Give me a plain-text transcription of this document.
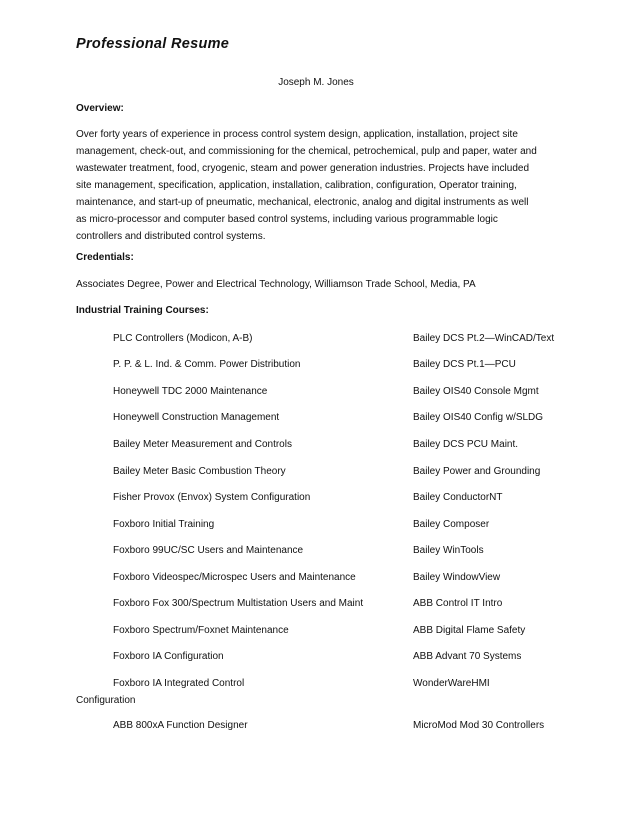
Professional Resume
Joseph M. Jones
Overview:
Over forty years of experience in process control system design, application, installation, project site
management, check-out, and commissioning for the chemical, petrochemical, pulp and paper, water and
wastewater treatment, food, cryogenic, steam and power generation industries. Projects have included
site management, specification, application, installation, calibration, configuration, Operator training,
maintenance, and start-up of pneumatic, mechanical, electronic, analog and digital instruments as well
as micro-processor and computer based control systems, including various programmable logic
controllers and distributed control systems.
Credentials:
Associates Degree, Power and Electrical Technology, Williamson Trade School, Media, PA
Industrial Training Courses:
PLC Controllers (Modicon, A-B)	Bailey DCS Pt.2—WinCAD/Text
P. P. & L. Ind. & Comm. Power Distribution	Bailey DCS Pt.1—PCU
Honeywell TDC 2000 Maintenance	Bailey OIS40 Console Mgmt
Honeywell Construction Management	Bailey OIS40 Config w/SLDG
Bailey Meter Measurement and Controls	Bailey DCS PCU Maint.
Bailey Meter Basic Combustion Theory	Bailey Power and Grounding
Fisher Provox (Envox) System Configuration	Bailey ConductorNT
Foxboro Initial Training	Bailey Composer
Foxboro 99UC/SC Users and Maintenance	Bailey WinTools
Foxboro Videospec/Microspec Users and Maintenance	Bailey WindowView
Foxboro Fox 300/Spectrum Multistation Users and Maint	ABB Control IT Intro
Foxboro Spectrum/Foxnet Maintenance	ABB Digital Flame Safety
Foxboro IA Configuration	ABB Advant 70 Systems
Foxboro IA Integrated Control	WonderWareHMI
Configuration
ABB 800xA Function Designer	MicroMod Mod 30 Controllers
